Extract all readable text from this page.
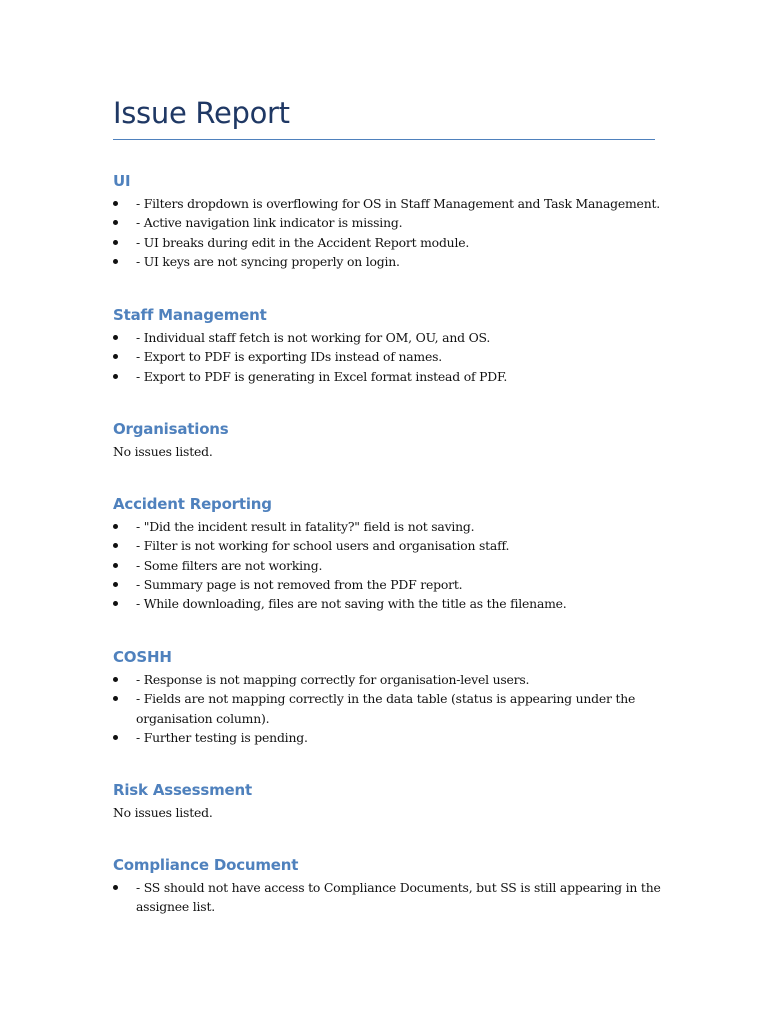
Issue Report
UI
- Filters dropdown is overflowing for OS in Staff Management and Task Management.
- Active navigation link indicator is missing.
- UI breaks during edit in the Accident Report module.
- UI keys are not syncing properly on login.
Staff Management
- Individual staff fetch is not working for OM, OU, and OS.
- Export to PDF is exporting IDs instead of names.
- Export to PDF is generating in Excel format instead of PDF.
Organisations

No issues listed.

Accident Reporting
- "Did the incident result in fatality?" field is not saving.
- Filter is not working for school users and organisation staff.
- Some filters are not working.
- Summary page is not removed from the PDF report.
- While downloading, files are not saving with the title as the filename.
COSHH
- Response is not mapping correctly for organisation-level users.
- Fields are not mapping correctly in the data table (status is appearing under the organisation column).
- Further testing is pending.
Risk Assessment

No issues listed.

Compliance Document
- SS should not have access to Compliance Documents, but SS is still appearing in the assignee list.
